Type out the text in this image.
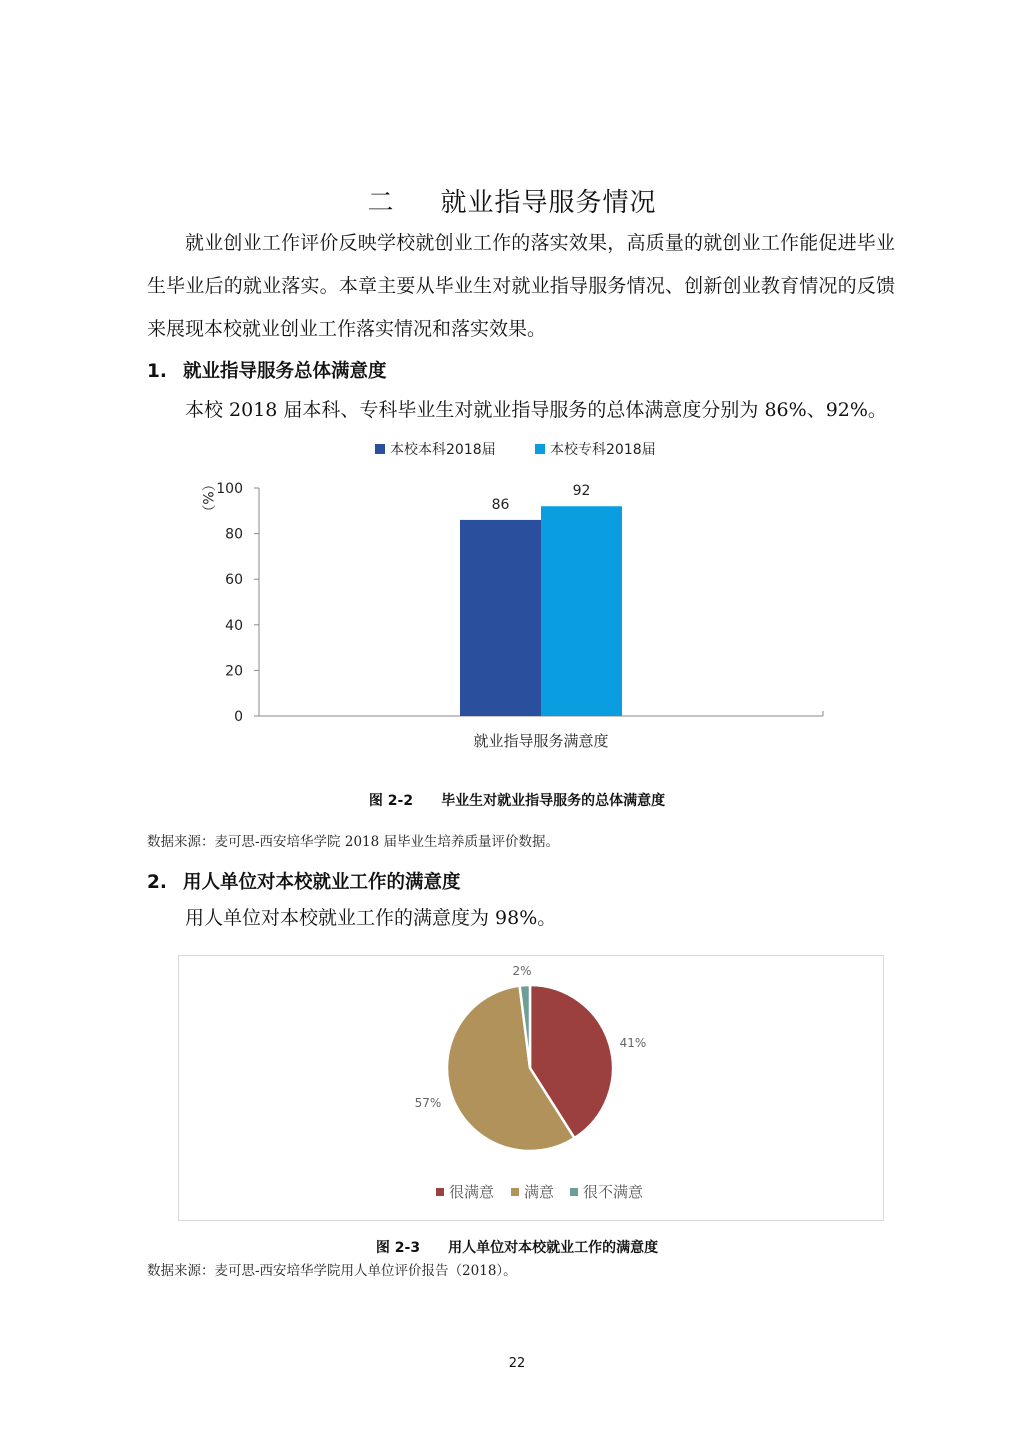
二 就业指导服务情况
就业创业工作评价反映学校就创业工作的落实效果，高质量的就创业工作能促进毕业生毕业后的就业落实。本章主要从毕业生对就业指导服务情况、创新创业教育情况的反馈来展现本校就业创业工作落实情况和落实效果。
1. 就业指导服务总体满意度
本校 2018 届本科、专科毕业生对就业指导服务的总体满意度分别为 86%、92%。
本校本科2018届	本校专科2018届
0
20
40
60
80
100
（%）
就业指导服务满意度
86
92
图 2-2 毕业生对就业指导服务的总体满意度
数据来源：麦可思-西安培华学院 2018 届毕业生培养质量评价数据。
2. 用人单位对本校就业工作的满意度
用人单位对本校就业工作的满意度为 98%。
41%
57%
2%
很满意 满意 很不满意
图 2-3 用人单位对本校就业工作的满意度
数据来源：麦可思-西安培华学院用人单位评价报告（2018）。
22
